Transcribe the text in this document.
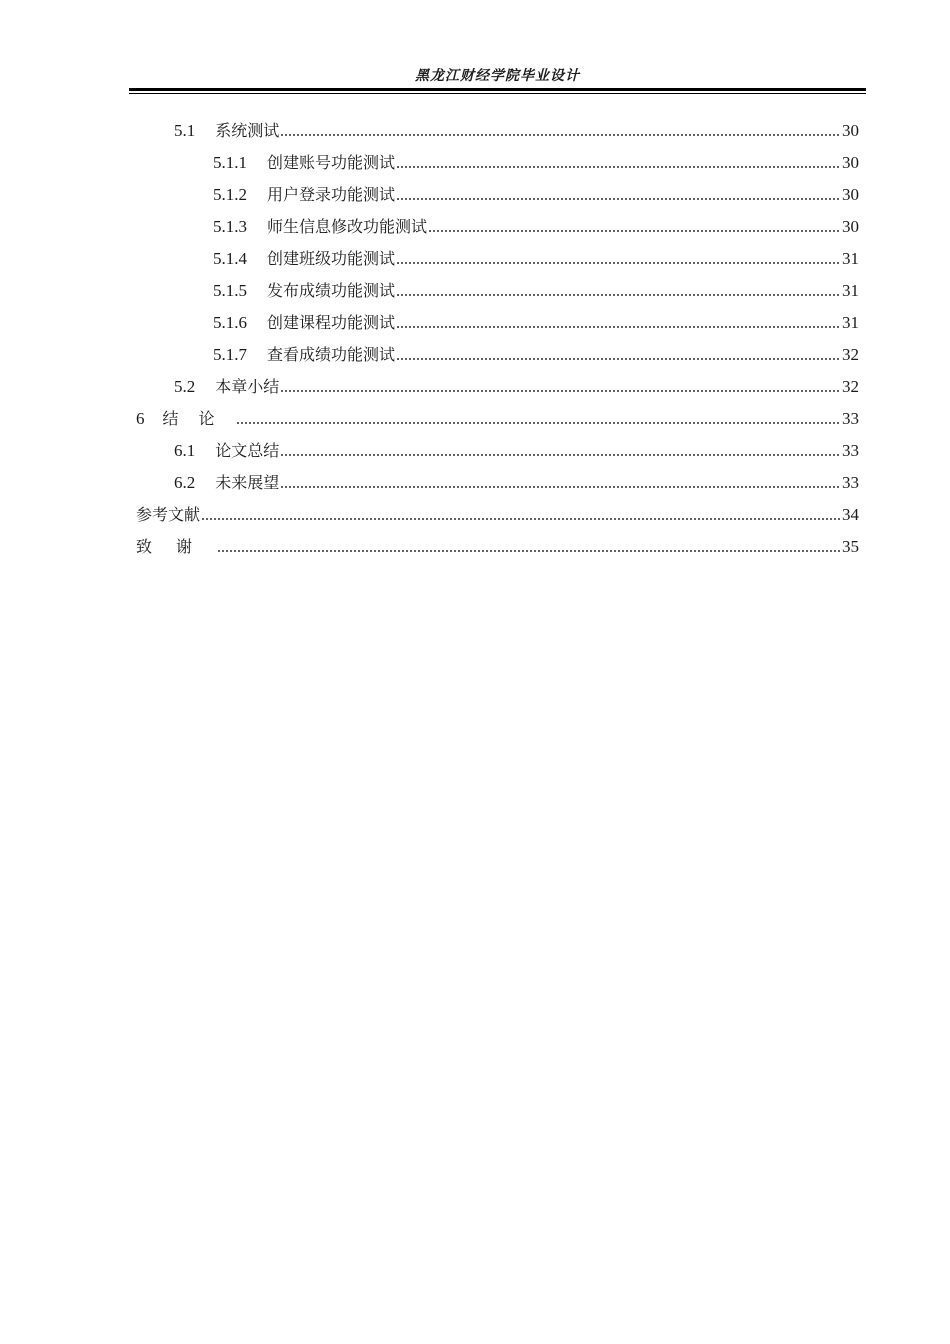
黑龙江财经学院毕业设计
5.1 系统测试	30
5.1.1 创建账号功能测试	30
5.1.2 用户登录功能测试	30
5.1.3 师生信息修改功能测试	30
5.1.4 创建班级功能测试	31
5.1.5 发布成绩功能测试	31
5.1.6 创建课程功能测试	31
5.1.7 查看成绩功能测试	32
5.2 本章小结	32
6 结论	33
6.1 论文总结	33
6.2 未来展望	33
参考文献	34
致谢	35
